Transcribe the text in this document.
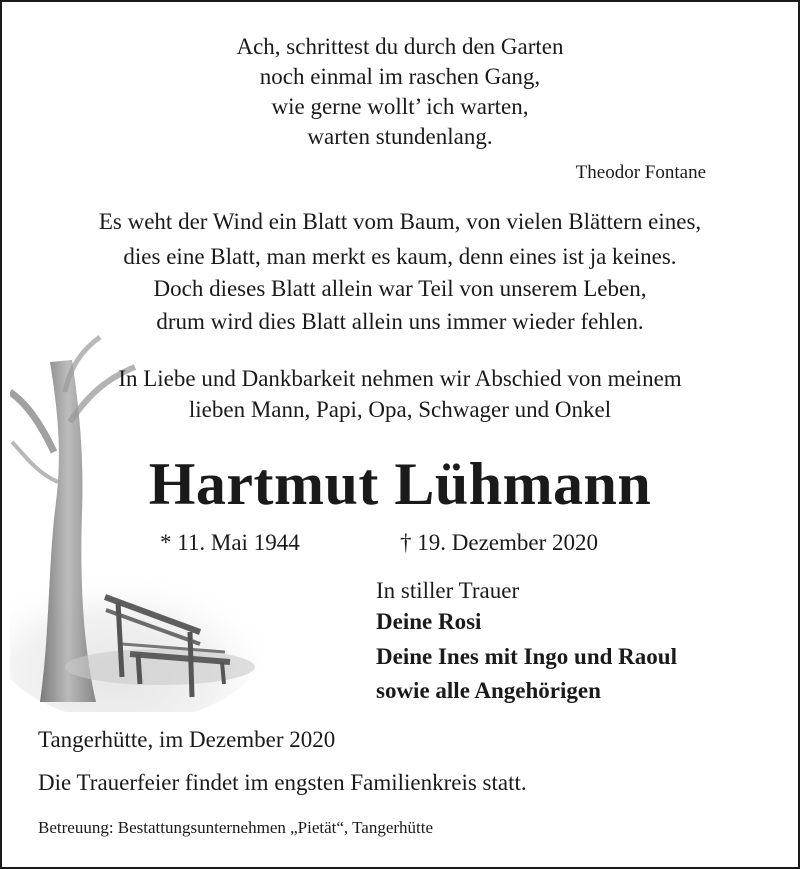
Ach, schrittest du durch den Garten
noch einmal im raschen Gang,
wie gerne wollt’ ich warten,
warten stundenlang.
Theodor Fontane
Es weht der Wind ein Blatt vom Baum, von vielen Blättern eines,
dies eine Blatt, man merkt es kaum, denn eines ist ja keines.
Doch dieses Blatt allein war Teil von unserem Leben,
drum wird dies Blatt allein uns immer wieder fehlen.
In Liebe und Dankbarkeit nehmen wir Abschied von meinem
lieben Mann, Papi, Opa, Schwager und Onkel
Hartmut Lühmann
* 11. Mai 1944	† 19. Dezember 2020
In stiller Trauer
Deine Rosi
Deine Ines mit Ingo und Raoul
sowie alle Angehörigen
Tangerhütte, im Dezember 2020
Die Trauerfeier findet im engsten Familienkreis statt.
Betreuung: Bestattungsunternehmen „Pietät“, Tangerhütte
